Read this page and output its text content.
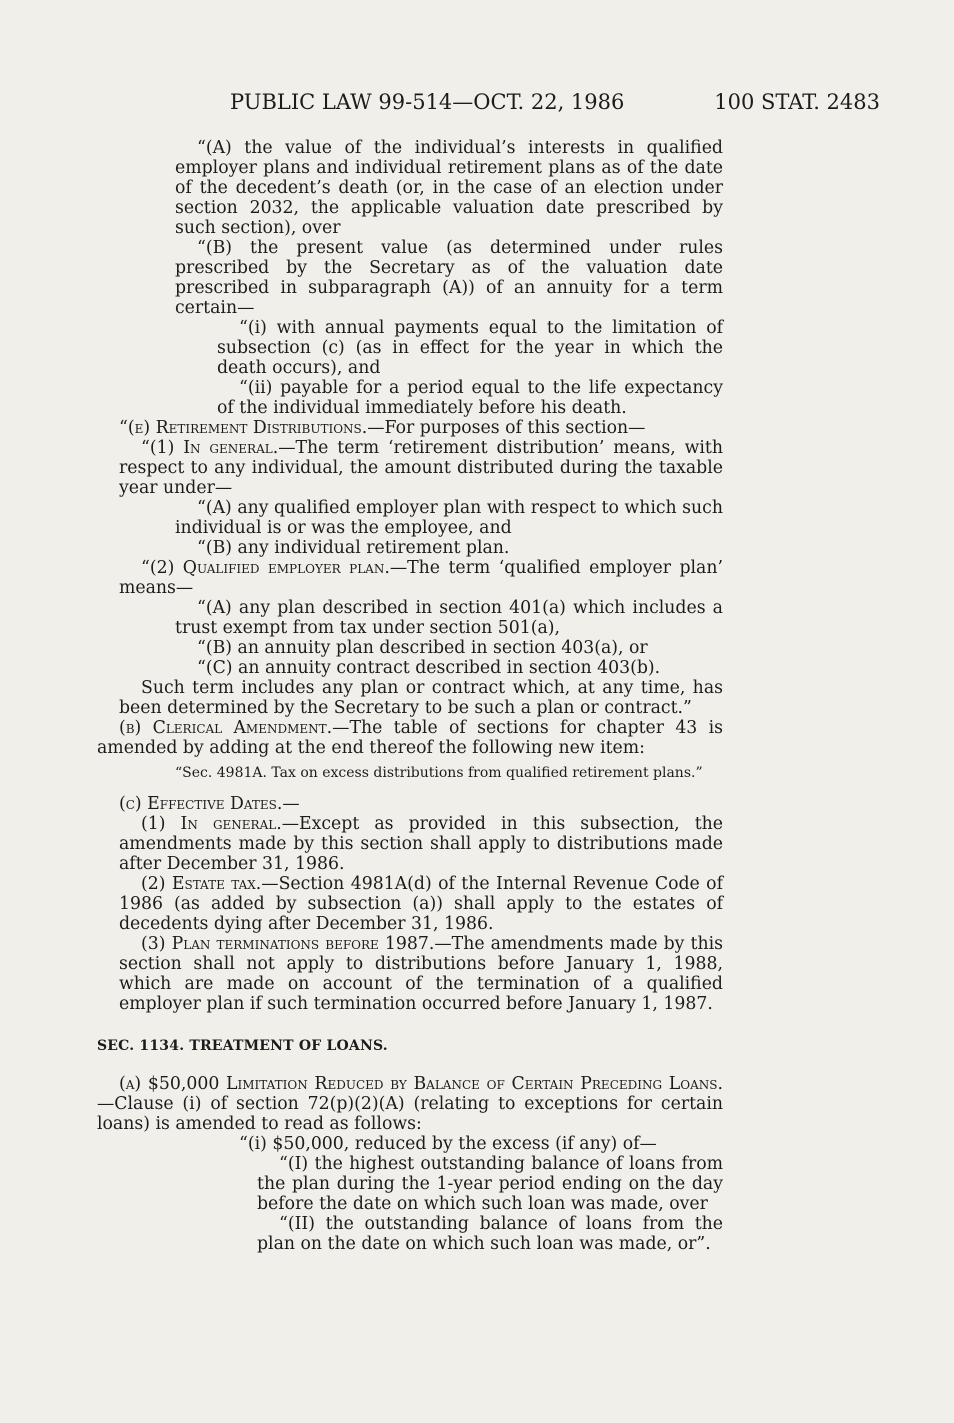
PUBLIC LAW 99-514—OCT. 22, 1986	100 STAT. 2483

“(A) the value of the individual’s interests in qualified employer plans and individual retirement plans as of the date of the decedent’s death (or, in the case of an election under section 2032, the applicable valuation date prescribed by such section), over

“(B) the present value (as determined under rules prescribed by the Secretary as of the valuation date prescribed in subparagraph (A)) of an annuity for a term certain—

“(i) with annual payments equal to the limitation of subsection (c) (as in effect for the year in which the death occurs), and

“(ii) payable for a period equal to the life expectancy of the individual immediately before his death.

“(e) Retirement Distributions.—For purposes of this section—

“(1) In general.—The term ‘retirement distribution’ means, with respect to any individual, the amount distributed during the taxable year under—

“(A) any qualified employer plan with respect to which such individual is or was the employee, and

“(B) any individual retirement plan.

“(2) Qualified employer plan.—The term ‘qualified employer plan’ means—

“(A) any plan described in section 401(a) which includes a trust exempt from tax under section 501(a),

“(B) an annuity plan described in section 403(a), or

“(C) an annuity contract described in section 403(b).

Such term includes any plan or contract which, at any time, has been determined by the Secretary to be such a plan or contract.”

(b) Clerical Amendment.—The table of sections for chapter 43 is amended by adding at the end thereof the following new item:

“Sec. 4981A. Tax on excess distributions from qualified retirement plans.”

(c) Effective Dates.—

(1) In general.—Except as provided in this subsection, the amendments made by this section shall apply to distributions made after December 31, 1986.

(2) Estate tax.—Section 4981A(d) of the Internal Revenue Code of 1986 (as added by subsection (a)) shall apply to the estates of decedents dying after December 31, 1986.

(3) Plan terminations before 1987.—The amendments made by this section shall not apply to distributions before January 1, 1988, which are made on account of the termination of a qualified employer plan if such termination occurred before January 1, 1987.

SEC. 1134. TREATMENT OF LOANS.

(a) $50,000 Limitation Reduced by Balance of Certain Preceding Loans.—Clause (i) of section 72(p)(2)(A) (relating to exceptions for certain loans) is amended to read as follows:

“(i) $50,000, reduced by the excess (if any) of—

“(I) the highest outstanding balance of loans from the plan during the 1-year period ending on the day before the date on which such loan was made, over

“(II) the outstanding balance of loans from the plan on the date on which such loan was made, or”.
